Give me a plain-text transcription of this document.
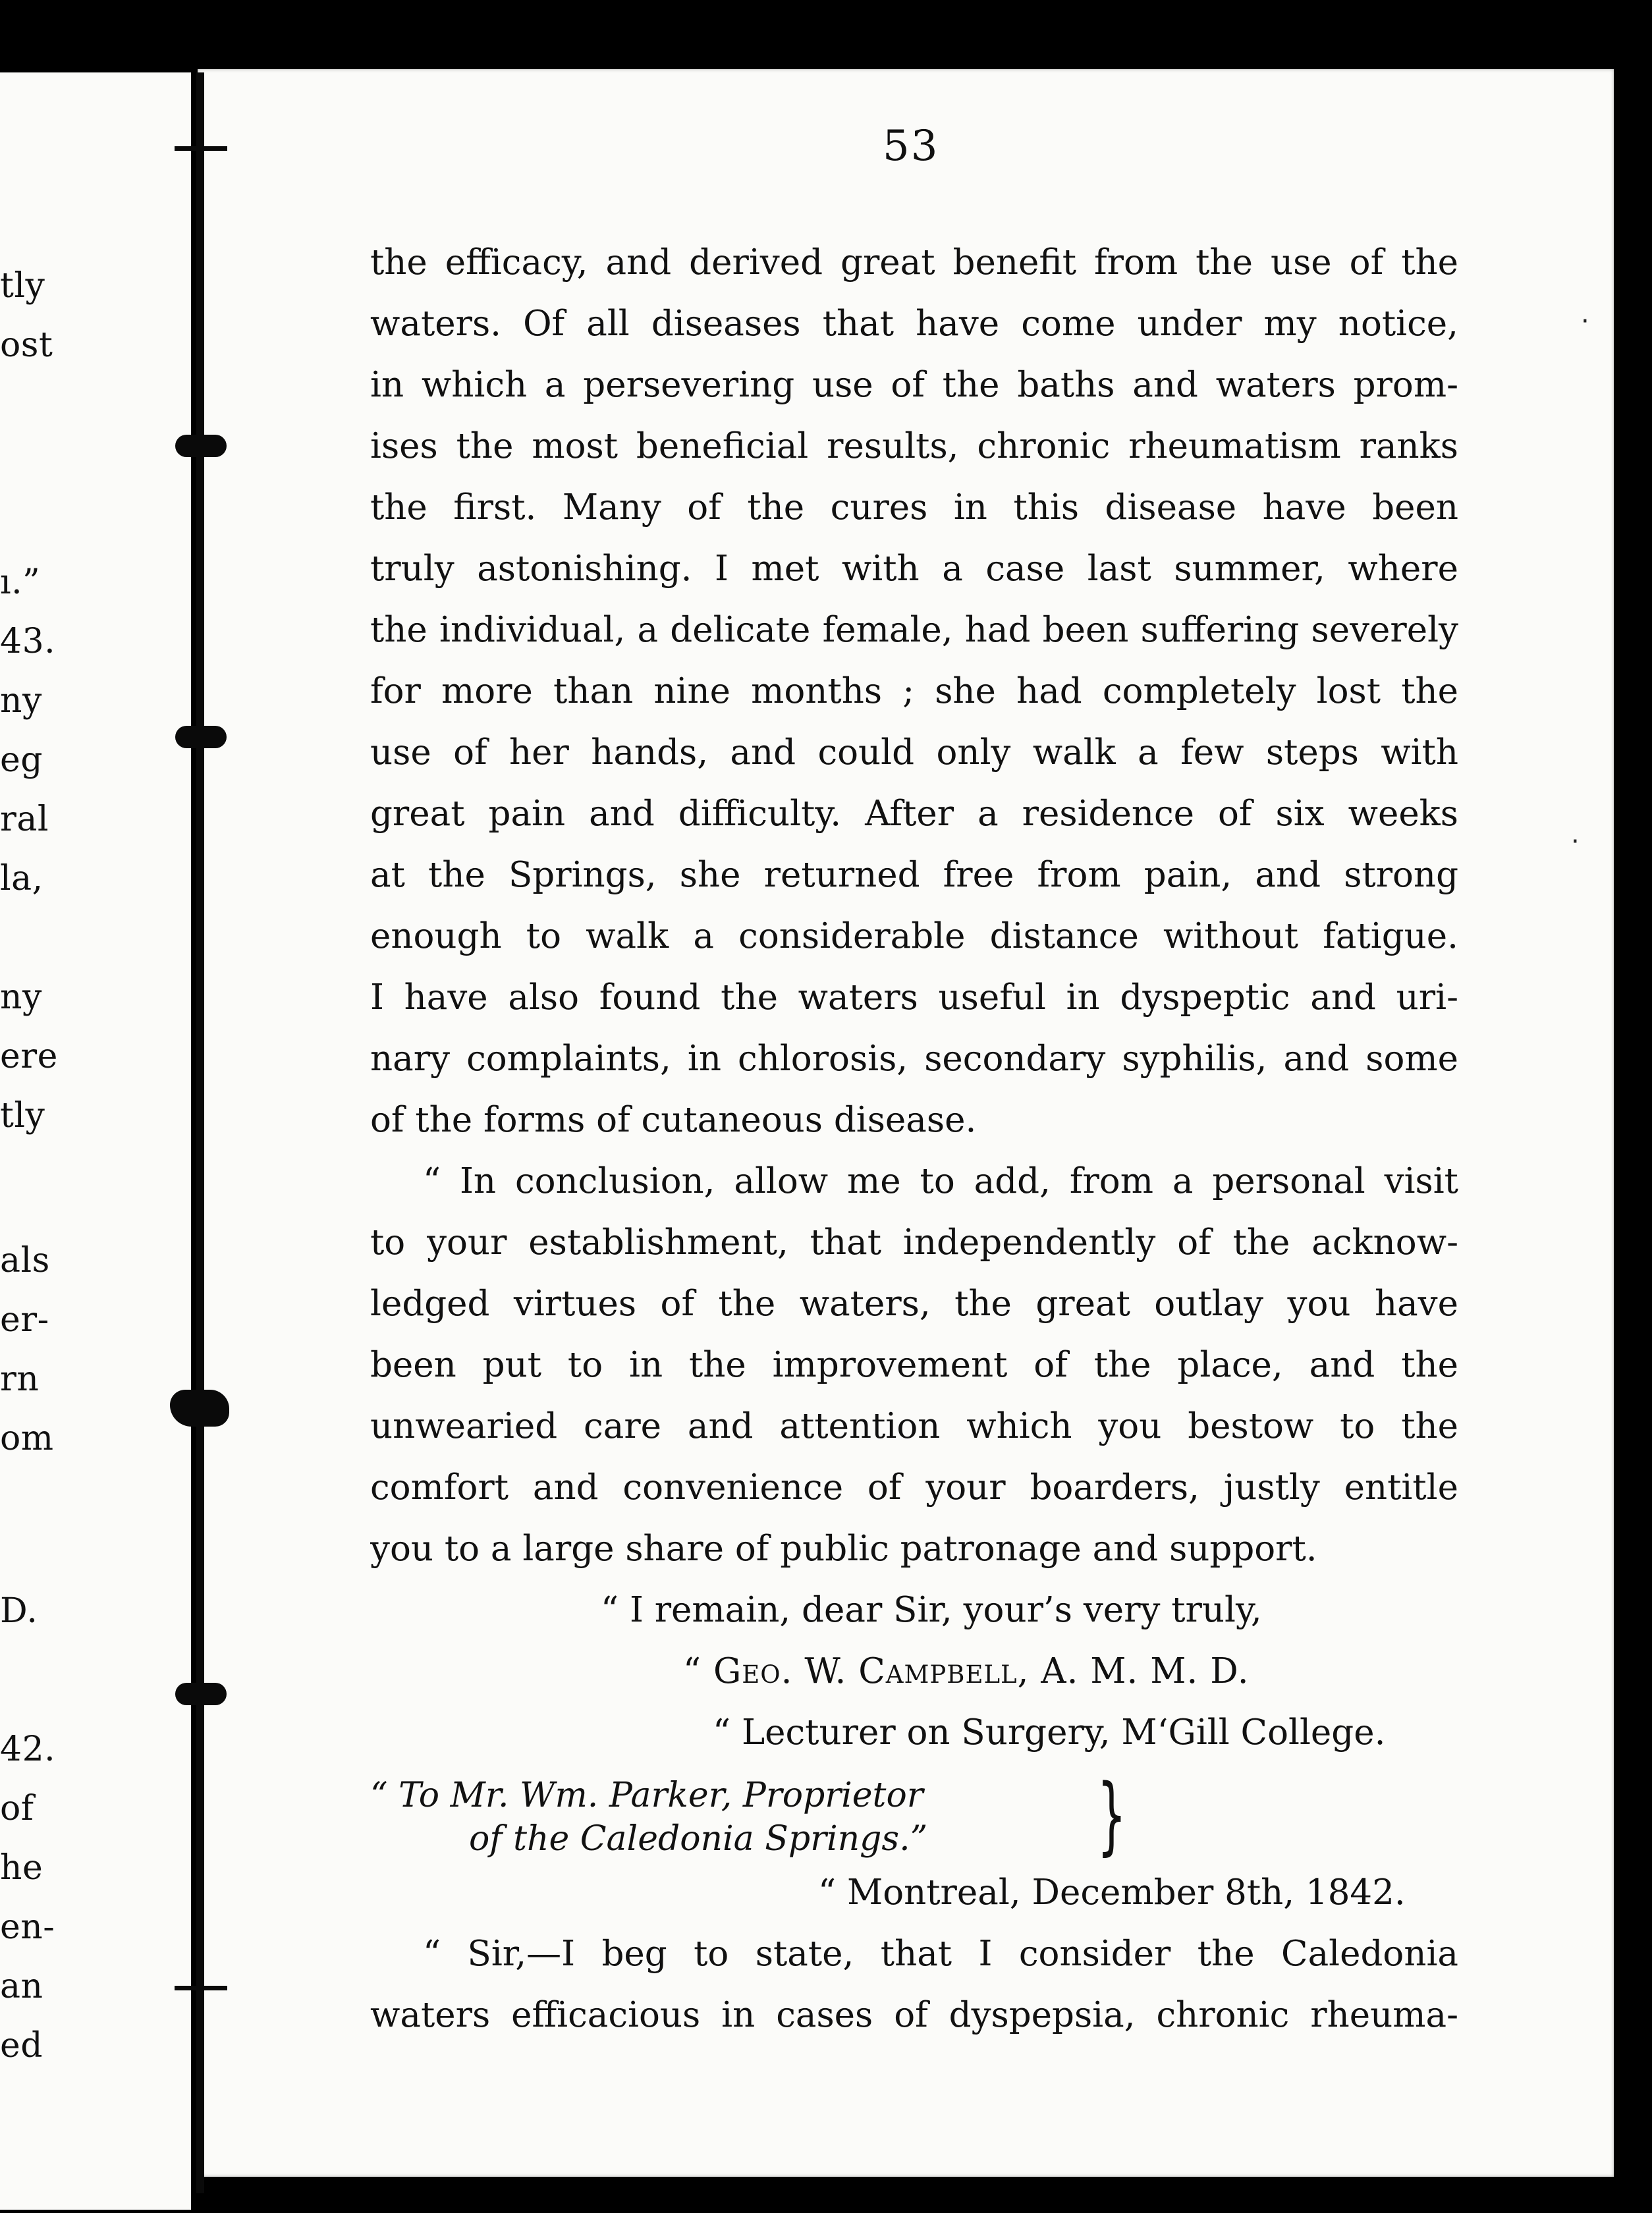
tly
ost
ı.”
43.
ny
eg
ral
la,
ny
ere
tly
als
er-
rn
om
D.
42.
of
he
en-
an
ed
·
·
53
the efficacy, and derived great benefit from the use of the
waters. Of all diseases that have come under my notice,
in which a persevering use of the baths and waters prom-
ises the most beneficial results, chronic rheumatism ranks
the first. Many of the cures in this disease have been
truly astonishing. I met with a case last summer, where
the individual, a delicate female, had been suffering severely
for more than nine months ; she had completely lost the
use of her hands, and could only walk a few steps with
great pain and difficulty. After a residence of six weeks
at the Springs, she returned free from pain, and strong
enough to walk a considerable distance without fatigue.
I have also found the waters useful in dyspeptic and uri-
nary complaints, in chlorosis, secondary syphilis, and some
of the forms of cutaneous disease.
“ In conclusion, allow me to add, from a personal visit
to your establishment, that independently of the acknow-
ledged virtues of the waters, the great outlay you have
been put to in the improvement of the place, and the
unwearied care and attention which you bestow to the
comfort and convenience of your boarders, justly entitle
you to a large share of public patronage and support.
“ I remain, dear Sir, your’s very truly,
“ Geo. W. Campbell, A. M. M. D.
“ Lecturer on Surgery, M‘Gill College.
“ To Mr. Wm. Parker, Proprietor
of the Caledonia Springs.” }
“ Montreal, December 8th, 1842.
“ Sir,—I beg to state, that I consider the Caledonia
waters efficacious in cases of dyspepsia, chronic rheuma-
